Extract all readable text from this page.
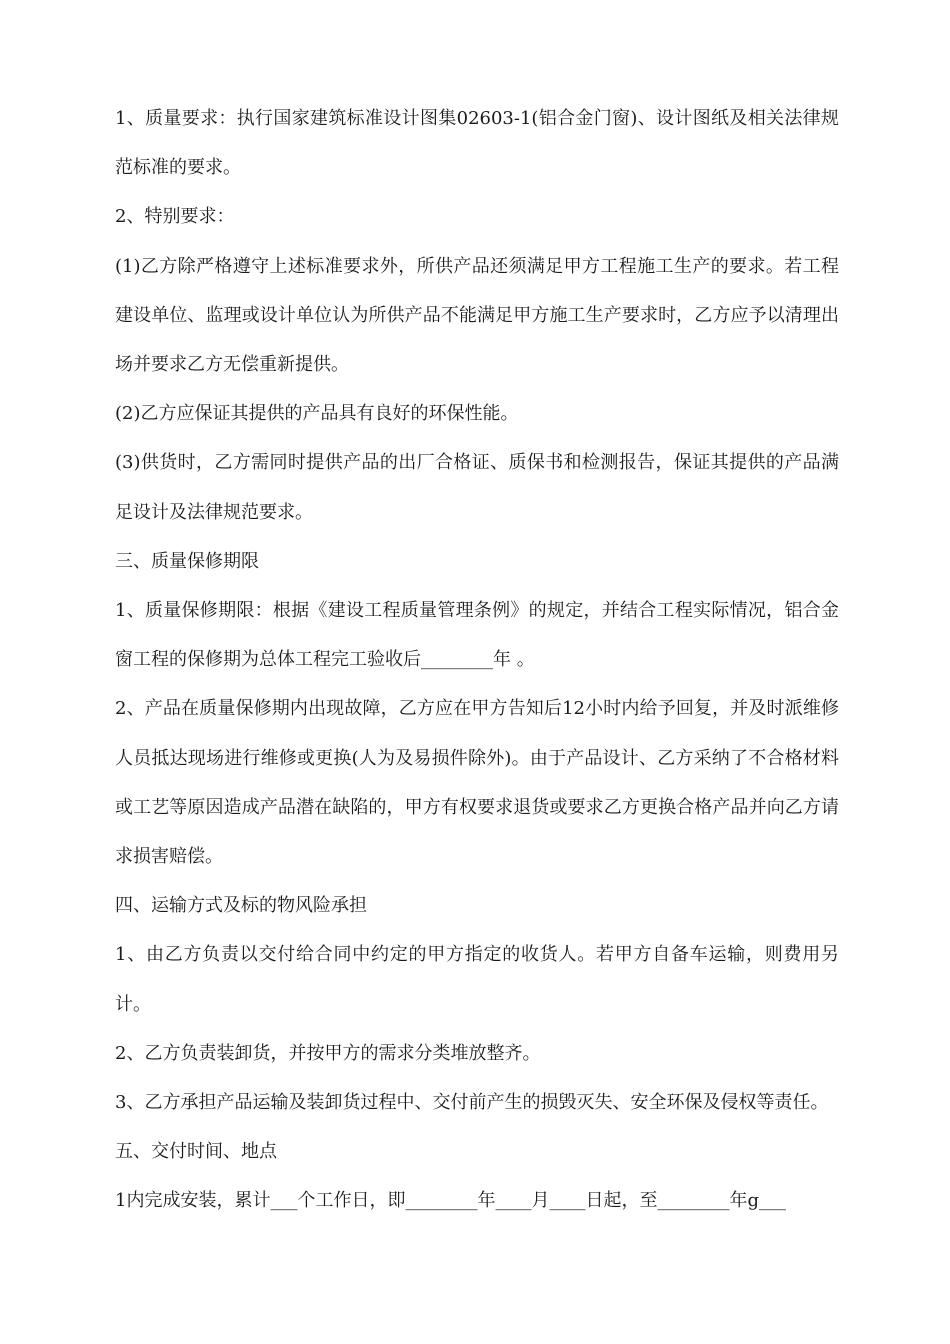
1、质量要求：执行国家建筑标准设计图集02603-1(铝合金门窗)、设计图纸及相关法律规范标准的要求。

2、特别要求：

(1)乙方除严格遵守上述标准要求外，所供产品还须满足甲方工程施工生产的要求。若工程建设单位、监理或设计单位认为所供产品不能满足甲方施工生产要求时，乙方应予以清理出场并要求乙方无偿重新提供。

(2)乙方应保证其提供的产品具有良好的环保性能。

(3)供货时，乙方需同时提供产品的出厂合格证、质保书和检测报告，保证其提供的产品满足设计及法律规范要求。

三、质量保修期限

1、质量保修期限：根据《建设工程质量管理条例》的规定，并结合工程实际情况，铝合金窗工程的保修期为总体工程完工验收后________年 。

2、产品在质量保修期内出现故障，乙方应在甲方告知后12小时内给予回复，并及时派维修人员抵达现场进行维修或更换(人为及易损件除外)。由于产品设计、乙方采纳了不合格材料或工艺等原因造成产品潜在缺陷的，甲方有权要求退货或要求乙方更换合格产品并向乙方请求损害赔偿。

四、运输方式及标的物风险承担

1、由乙方负责以交付给合同中约定的甲方指定的收货人。若甲方自备车运输，则费用另计。

2、乙方负责装卸货，并按甲方的需求分类堆放整齐。

3、乙方承担产品运输及装卸货过程中、交付前产生的损毁灭失、安全环保及侵权等责任。

五、交付时间、地点

1内完成安装，累计___个工作日，即________年____月____日起，至________年g___
